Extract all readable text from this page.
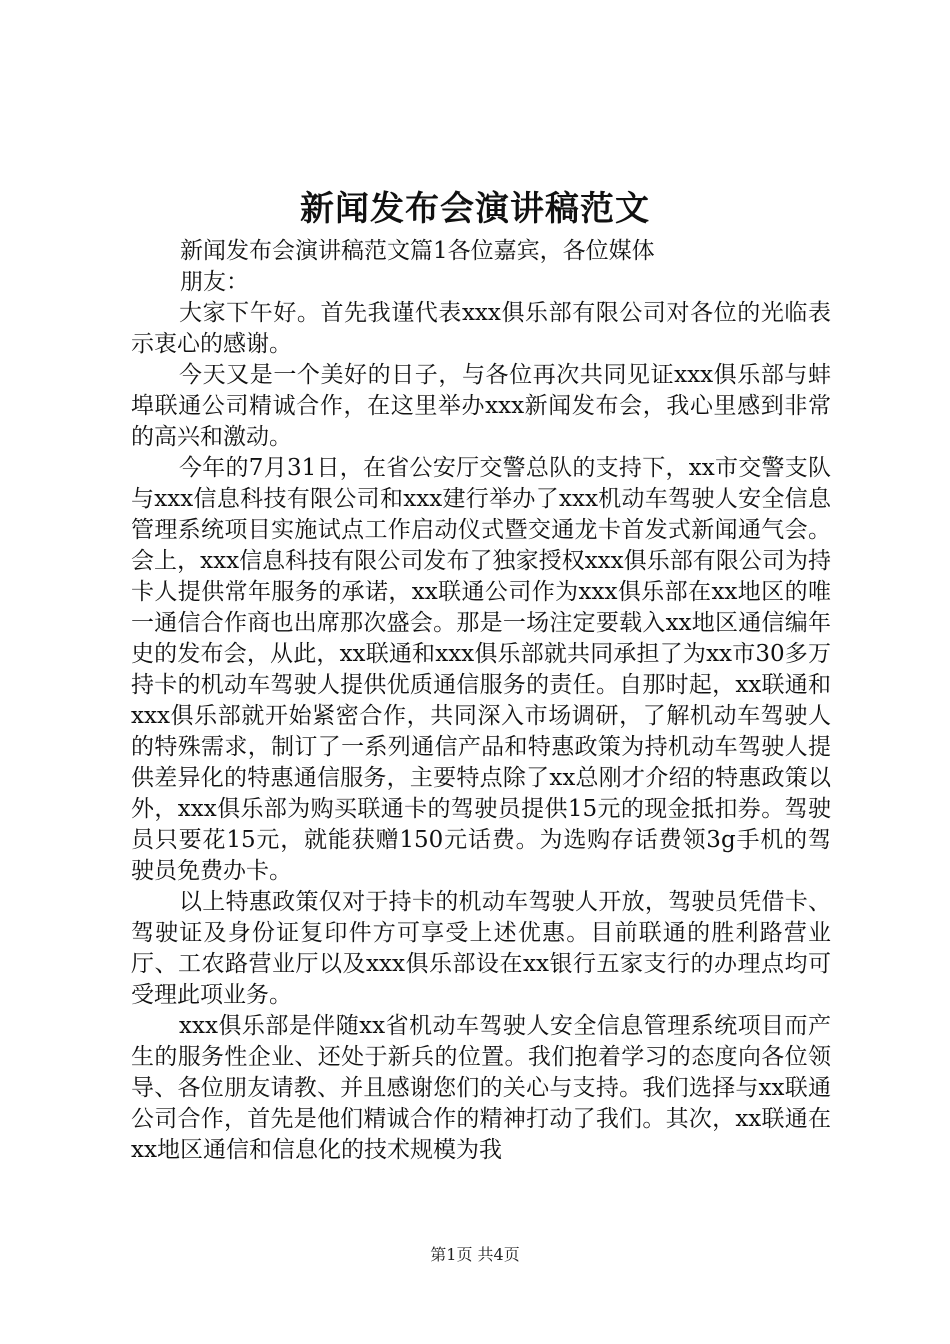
新闻发布会演讲稿范文

新闻发布会演讲稿范文篇1各位嘉宾，各位媒体

朋友：

大家下午好。首先我谨代表xxx俱乐部有限公司对各位的光临表示衷心的感谢。

今天又是一个美好的日子，与各位再次共同见证xxx俱乐部与蚌埠联通公司精诚合作，在这里举办xxx新闻发布会，我心里感到非常的高兴和激动。

今年的7月31日，在省公安厅交警总队的支持下，xx市交警支队与xxx信息科技有限公司和xxx建行举办了xxx机动车驾驶人安全信息管理系统项目实施试点工作启动仪式暨交通龙卡首发式新闻通气会。会上，xxx信息科技有限公司发布了独家授权xxx俱乐部有限公司为持卡人提供常年服务的承诺，xx联通公司作为xxx俱乐部在xx地区的唯一通信合作商也出席那次盛会。那是一场注定要载入xx地区通信编年史的发布会，从此，xx联通和xxx俱乐部就共同承担了为xx市30多万持卡的机动车驾驶人提供优质通信服务的责任。自那时起，xx联通和xxx俱乐部就开始紧密合作，共同深入市场调研，了解机动车驾驶人的特殊需求，制订了一系列通信产品和特惠政策为持机动车驾驶人提供差异化的特惠通信服务，主要特点除了xx总刚才介绍的特惠政策以外，xxx俱乐部为购买联通卡的驾驶员提供15元的现金抵扣券。驾驶员只要花15元，就能获赠150元话费。为选购存话费领3g手机的驾驶员免费办卡。

以上特惠政策仅对于持卡的机动车驾驶人开放，驾驶员凭借卡、驾驶证及身份证复印件方可享受上述优惠。目前联通的胜利路营业厅、工农路营业厅以及xxx俱乐部设在xx银行五家支行的办理点均可受理此项业务。

xxx俱乐部是伴随xx省机动车驾驶人安全信息管理系统项目而产生的服务性企业、还处于新兵的位置。我们抱着学习的态度向各位领导、各位朋友请教、并且感谢您们的关心与支持。我们选择与xx联通公司合作，首先是他们精诚合作的精神打动了我们。其次，xx联通在xx地区通信和信息化的技术规模为我

第1页 共4页
